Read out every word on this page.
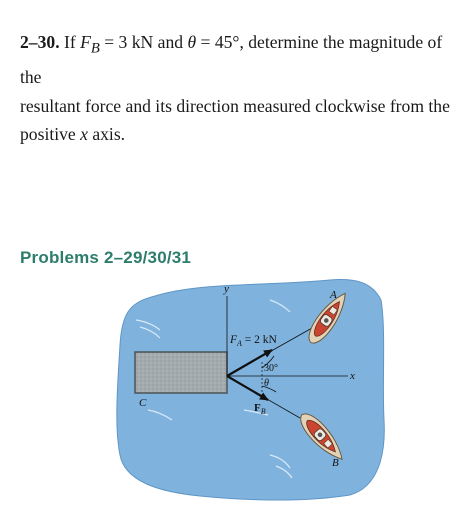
2–30. If $F_B = 3$ kN and θ = 45°, determine the magnitude of the
resultant force and its direction measured clockwise from the
positive x axis.
Problems 2–29/30/31
C
y
x
$F_A = 2$ kN
30°
θ
$F_B$
A
B
